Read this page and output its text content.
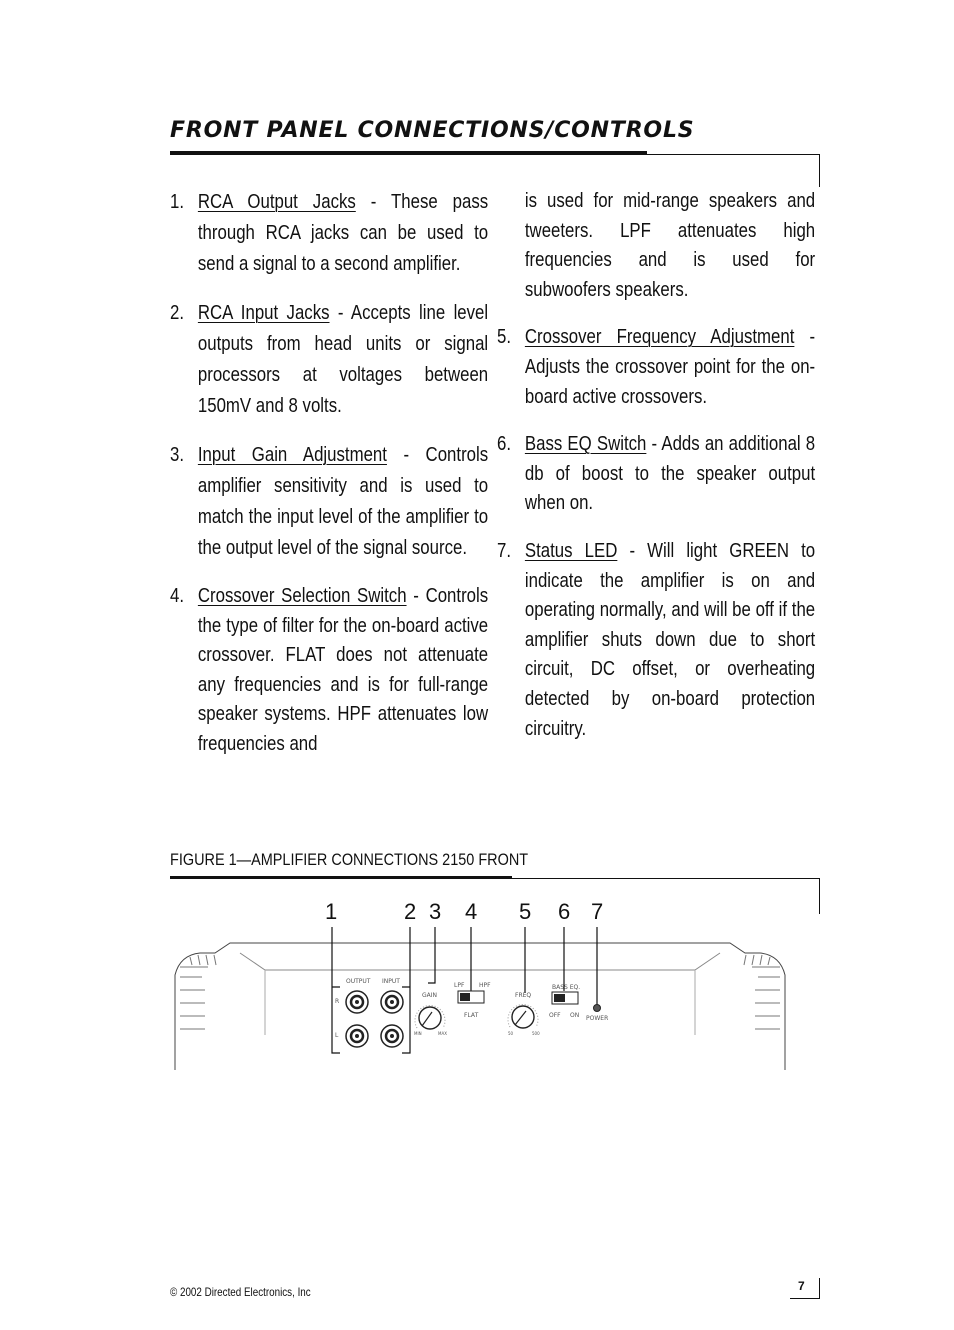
FRONT PANEL CONNECTIONS/CONTROLS
1. RCA Output Jacks - These pass through RCA jacks can be used to send a signal to a second amplifier.
2. RCA Input Jacks - Accepts line level outputs from head units or signal processors at voltages between 150mV and 8 volts.
3. Input Gain Adjustment - Controls amplifier sensitivity and is used to match the input level of the amplifier to the output level of the signal source.
4. Crossover Selection Switch - Controls the type of filter for the on-board active crossover. FLAT does not attenuate any frequencies and is for full-range speaker systems. HPF attenuates low frequencies and
is used for mid-range speakers and tweeters. LPF attenuates high frequencies and is used for subwoofers speakers.
5. Crossover Frequency Adjustment - Adjusts the crossover point for the on-board active crossovers.
6. Bass EQ Switch - Adds an additional 8 db of boost to the speaker output when on.
7. Status LED - Will light GREEN to indicate the amplifier is on and operating normally, and will be off if the amplifier shuts down due to short circuit, DC offset, or overheating detected by on-board protection circuitry.
FIGURE 1—AMPLIFIER CONNECTIONS 2150 FRONT
1	2 3 4 5 6 7
OUTPUT INPUT
R
L
GAIN
MIN	MAX
LPF HPF
FLAT
FREQ
50	500
BASS EQ.
OFF ON POWER
© 2002 Directed Electronics, Inc	7
